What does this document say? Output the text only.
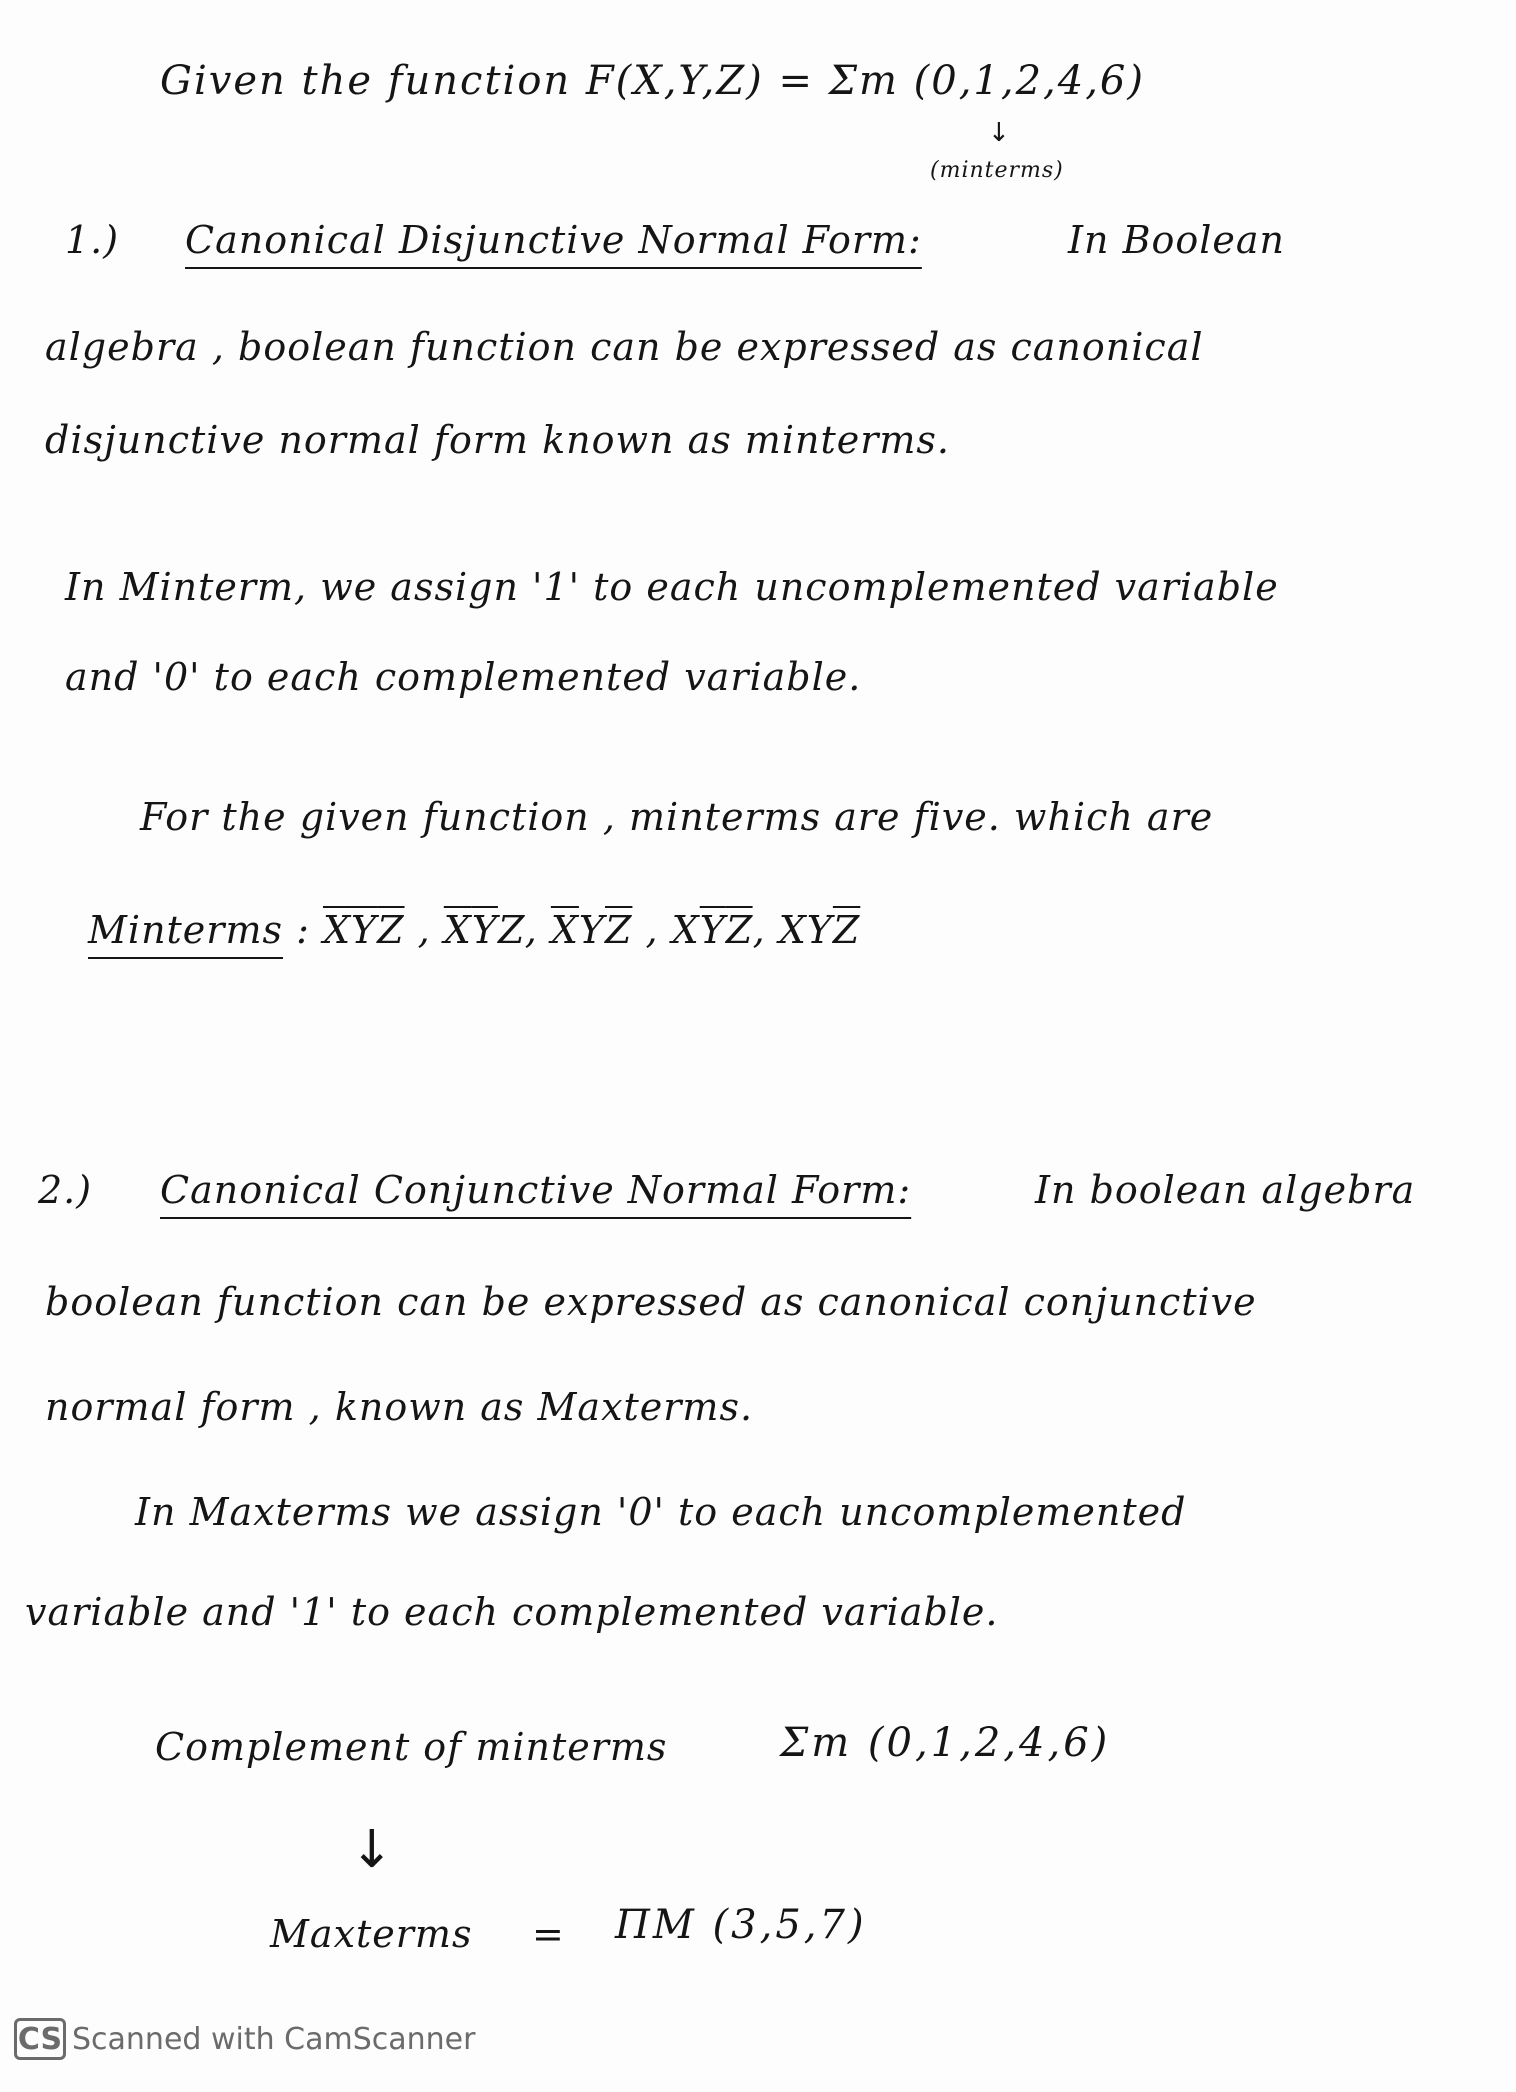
Given the function F(X,Y,Z) = Σm (0,1,2,4,6)
↓
(minterms)
1.) Canonical Disjunctive Normal Form:	In Boolean
algebra , boolean function can be expressed as canonical
disjunctive normal form known as minterms.
In Minterm, we assign '1' to each uncomplemented variable
and '0' to each complemented variable.
For the given function , minterms are five. which are
Minterms : $\overline{X}\overline{Y}\overline{Z}$ , $\overline{X}\overline{Y}Z$, $\overline{X}Y\overline{Z}$ , $X\overline{Y}\overline{Z}$, $XY\overline{Z}$
2.) Canonical Conjunctive Normal Form:	In boolean algebra
boolean function can be expressed as canonical conjunctive
normal form , known as Maxterms.
In Maxterms we assign '0' to each uncomplemented
variable and '1' to each complemented variable.
Complement of minterms	Σm (0,1,2,4,6)
↓
Maxterms = ΠM (3,5,7)
CS Scanned with CamScanner
